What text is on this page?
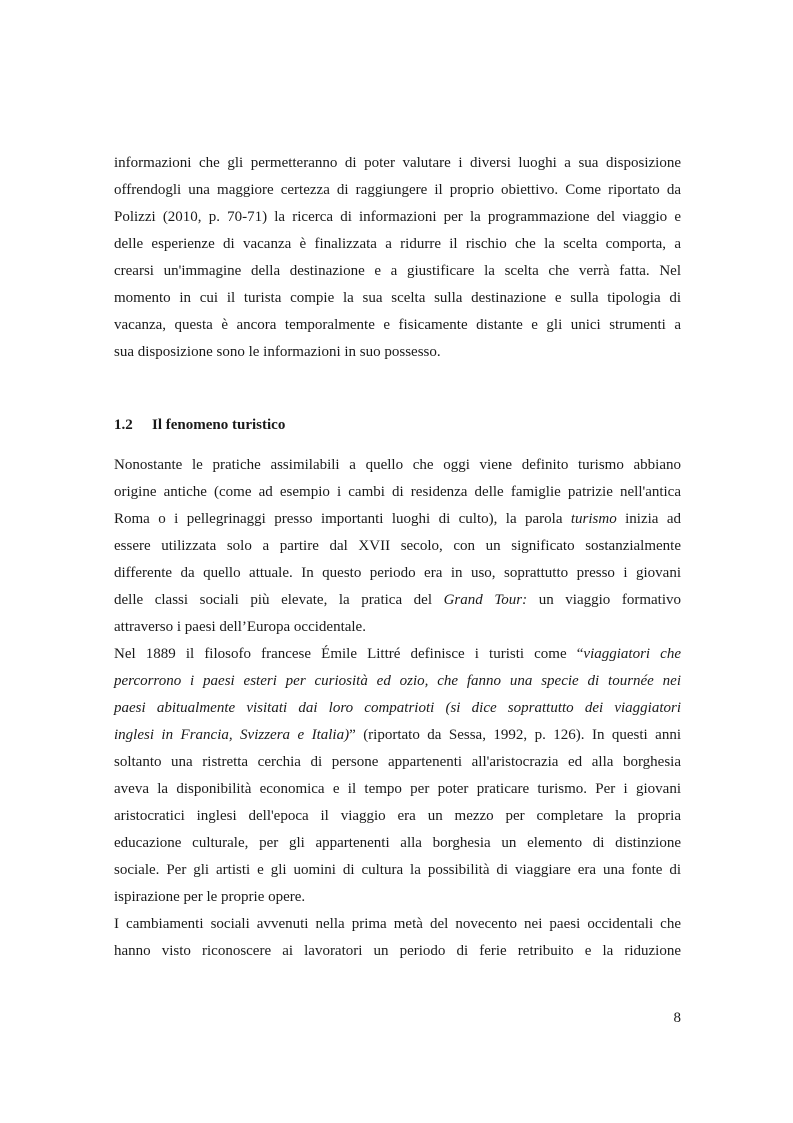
informazioni che gli permetteranno di poter valutare i diversi luoghi a sua disposizione
offrendogli una maggiore certezza di raggiungere il proprio obiettivo. Come riportato da
Polizzi (2010, p. 70-71) la ricerca di informazioni per la programmazione del viaggio e
delle esperienze di vacanza è finalizzata a ridurre il rischio che la scelta comporta, a
crearsi un'immagine della destinazione e a giustificare la scelta che verrà fatta. Nel
momento in cui il turista compie la sua scelta sulla destinazione e sulla tipologia di
vacanza, questa è ancora temporalmente e fisicamente distante e gli unici strumenti a
sua disposizione sono le informazioni in suo possesso.
1.2 Il fenomeno turistico
Nonostante le pratiche assimilabili a quello che oggi viene definito turismo abbiano
origine antiche (come ad esempio i cambi di residenza delle famiglie patrizie nell'antica
Roma o i pellegrinaggi presso importanti luoghi di culto), la parola turismo inizia ad
essere utilizzata solo a partire dal XVII secolo, con un significato sostanzialmente
differente da quello attuale. In questo periodo era in uso, soprattutto presso i giovani
delle classi sociali più elevate, la pratica del Grand Tour: un viaggio formativo
attraverso i paesi dell’Europa occidentale.
Nel 1889 il filosofo francese Émile Littré definisce i turisti come “viaggiatori che
percorrono i paesi esteri per curiosità ed ozio, che fanno una specie di tournée nei
paesi abitualmente visitati dai loro compatrioti (si dice soprattutto dei viaggiatori
inglesi in Francia, Svizzera e Italia)” (riportato da Sessa, 1992, p. 126). In questi anni
soltanto una ristretta cerchia di persone appartenenti all'aristocrazia ed alla borghesia
aveva la disponibilità economica e il tempo per poter praticare turismo. Per i giovani
aristocratici inglesi dell'epoca il viaggio era un mezzo per completare la propria
educazione culturale, per gli appartenenti alla borghesia un elemento di distinzione
sociale. Per gli artisti e gli uomini di cultura la possibilità di viaggiare era una fonte di
ispirazione per le proprie opere.
I cambiamenti sociali avvenuti nella prima metà del novecento nei paesi occidentali che
hanno visto riconoscere ai lavoratori un periodo di ferie retribuito e la riduzione
8
